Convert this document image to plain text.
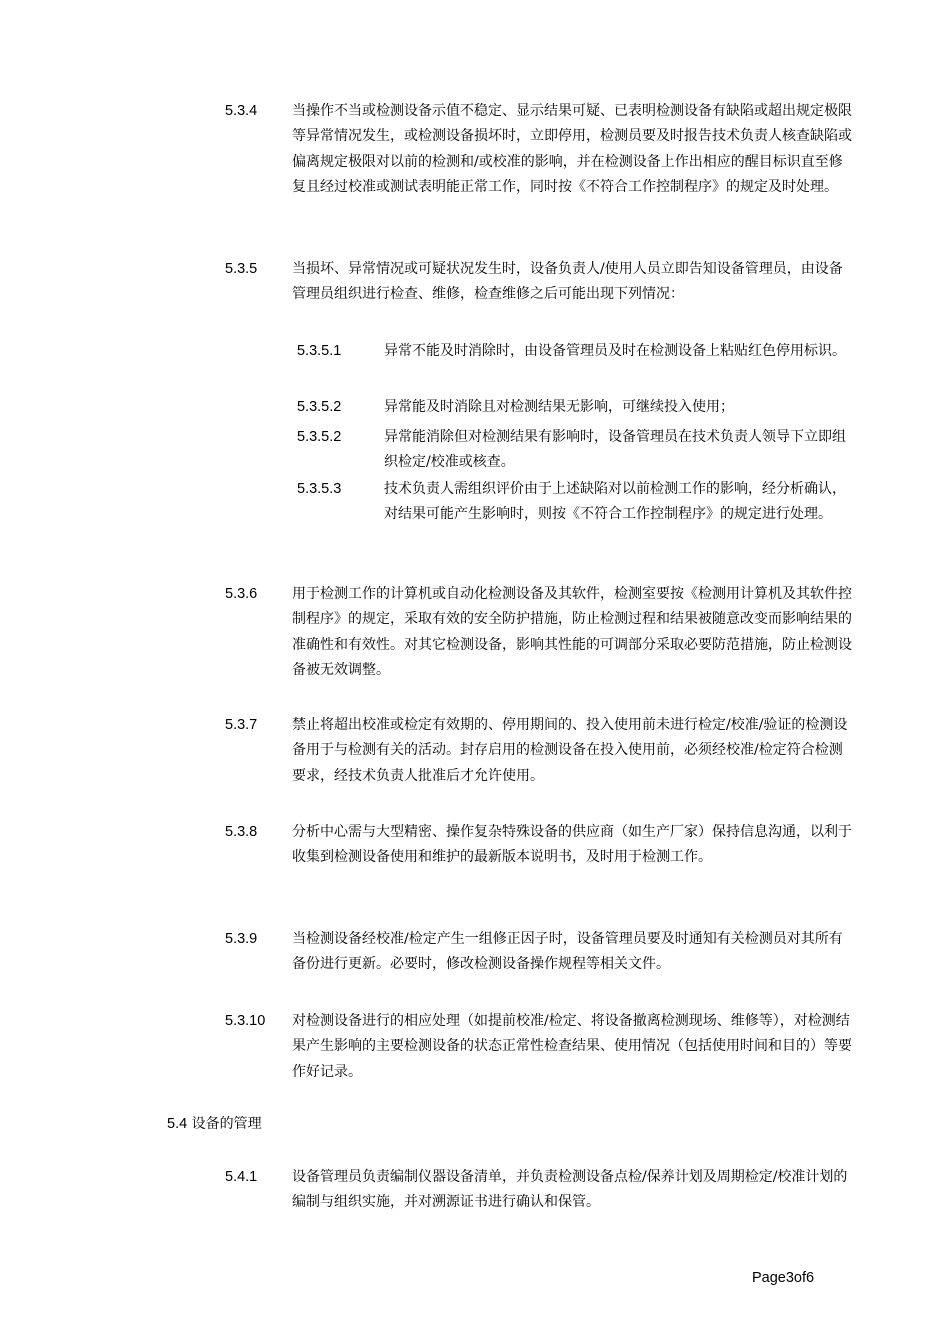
5.3.4 当操作不当或检测设备示值不稳定、显示结果可疑、已表明检测设备有缺陷或超出规定极限等异常情况发生，或检测设备损坏时，立即停用，检测员要及时报告技术负责人核查缺陷或偏离规定极限对以前的检测和/或校准的影响，并在检测设备上作出相应的醒目标识直至修复且经过校准或测试表明能正常工作，同时按《不符合工作控制程序》的规定及时处理。
5.3.5 当损坏、异常情况或可疑状况发生时，设备负责人/使用人员立即告知设备管理员，由设备管理员组织进行检查、维修，检查维修之后可能出现下列情况：
5.3.5.1	异常不能及时消除时，由设备管理员及时在检测设备上粘贴红色停用标识。
5.3.5.2	异常能及时消除且对检测结果无影响，可继续投入使用；
5.3.5.2	异常能消除但对检测结果有影响时，设备管理员在技术负责人领导下立即组织检定/校准或核查。
5.3.5.3	技术负责人需组织评价由于上述缺陷对以前检测工作的影响，经分析确认，对结果可能产生影响时，则按《不符合工作控制程序》的规定进行处理。
5.3.6 用于检测工作的计算机或自动化检测设备及其软件，检测室要按《检测用计算机及其软件控制程序》的规定，采取有效的安全防护措施，防止检测过程和结果被随意改变而影响结果的准确性和有效性。对其它检测设备，影响其性能的可调部分采取必要防范措施，防止检测设备被无效调整。
5.3.7 禁止将超出校准或检定有效期的、停用期间的、投入使用前未进行检定/校准/验证的检测设备用于与检测有关的活动。封存启用的检测设备在投入使用前，必须经校准/检定符合检测要求，经技术负责人批准后才允许使用。
5.3.8 分析中心需与大型精密、操作复杂特殊设备的供应商（如生产厂家）保持信息沟通，以利于收集到检测设备使用和维护的最新版本说明书，及时用于检测工作。
5.3.9 当检测设备经校准/检定产生一组修正因子时，设备管理员要及时通知有关检测员对其所有备份进行更新。必要时，修改检测设备操作规程等相关文件。
5.3.10 对检测设备进行的相应处理（如提前校准/检定、将设备撤离检测现场、维修等），对检测结果产生影响的主要检测设备的状态正常性检查结果、使用情况（包括使用时间和目的）等要作好记录。
5.4 设备的管理
5.4.1 设备管理员负责编制仪器设备清单，并负责检测设备点检/保养计划及周期检定/校准计划的编制与组织实施，并对溯源证书进行确认和保管。
Page3of6
